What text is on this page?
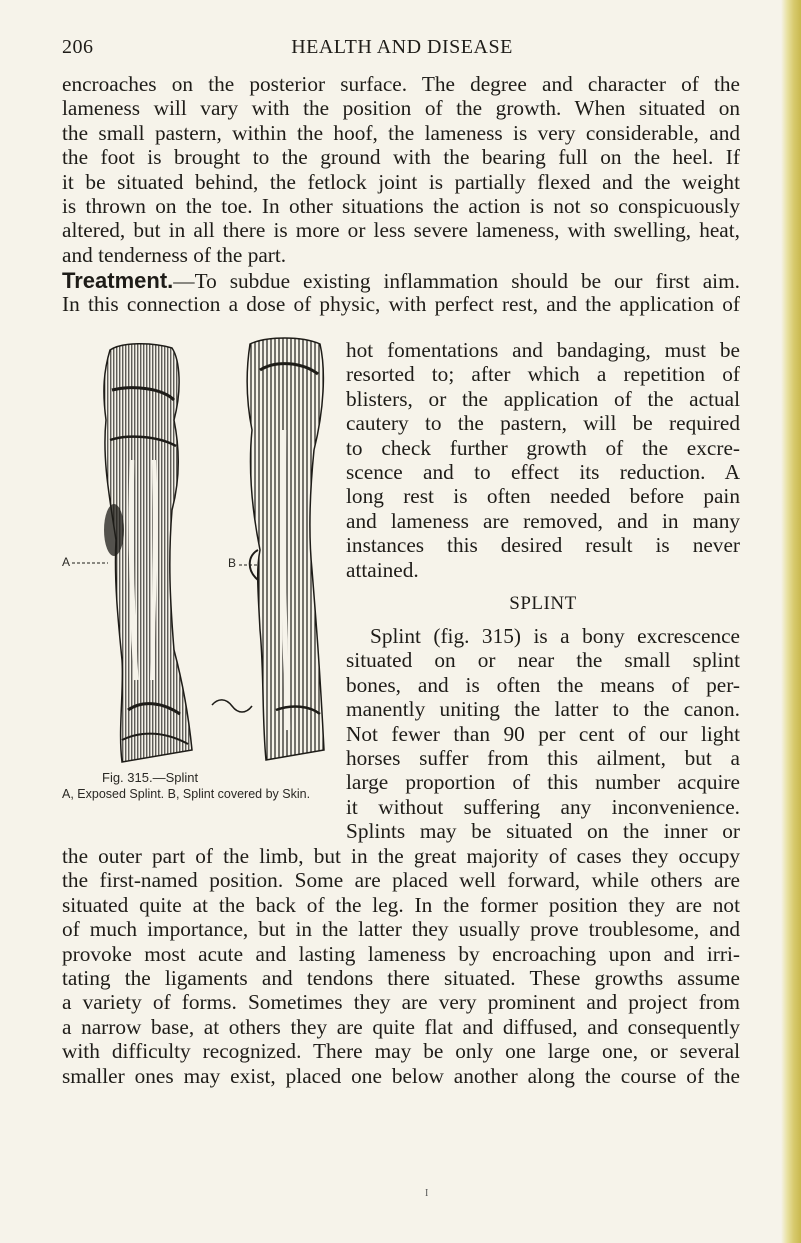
206	HEALTH AND DISEASE
encroaches on the posterior surface. The degree and character of the
lameness will vary with the position of the growth. When situated on
the small pastern, within the hoof, the lameness is very considerable, and
the foot is brought to the ground with the bearing full on the heel. If
it be situated behind, the fetlock joint is partially flexed and the weight
is thrown on the toe. In other situations the action is not so conspicuously
altered, but in all there is more or less severe lameness, with swelling, heat,
and tenderness of the part.
Treatment.—To subdue existing inflammation should be our first aim.
In this connection a dose of physic, with perfect rest, and the application of
hot fomentations and bandaging, must be
resorted to; after which a repetition of
blisters, or the application of the actual
cautery to the pastern, will be required
to check further growth of the excre-
scence and to effect its reduction. A
long rest is often needed before pain
and lameness are removed, and in many
instances this desired result is never
attained.
SPLINT
Splint (fig. 315) is a bony excrescence
situated on or near the small splint
bones, and is often the means of per-
manently uniting the latter to the canon.
Not fewer than 90 per cent of our light
horses suffer from this ailment, but a
large proportion of this number acquire
it without suffering any inconvenience.
Splints may be situated on the inner or
the outer part of the limb, but in the great majority of cases they occupy
the first-named position. Some are placed well forward, while others are
situated quite at the back of the leg. In the former position they are not
of much importance, but in the latter they usually prove troublesome, and
provoke most acute and lasting lameness by encroaching upon and irri-
tating the ligaments and tendons there situated. These growths assume
a variety of forms. Sometimes they are very prominent and project from
a narrow base, at others they are quite flat and diffused, and consequently
with difficulty recognized. There may be only one large one, or several
smaller ones may exist, placed one below another along the course of the
A	B
Fig. 315.—Splint
A, Exposed Splint. B, Splint covered by Skin.
I
